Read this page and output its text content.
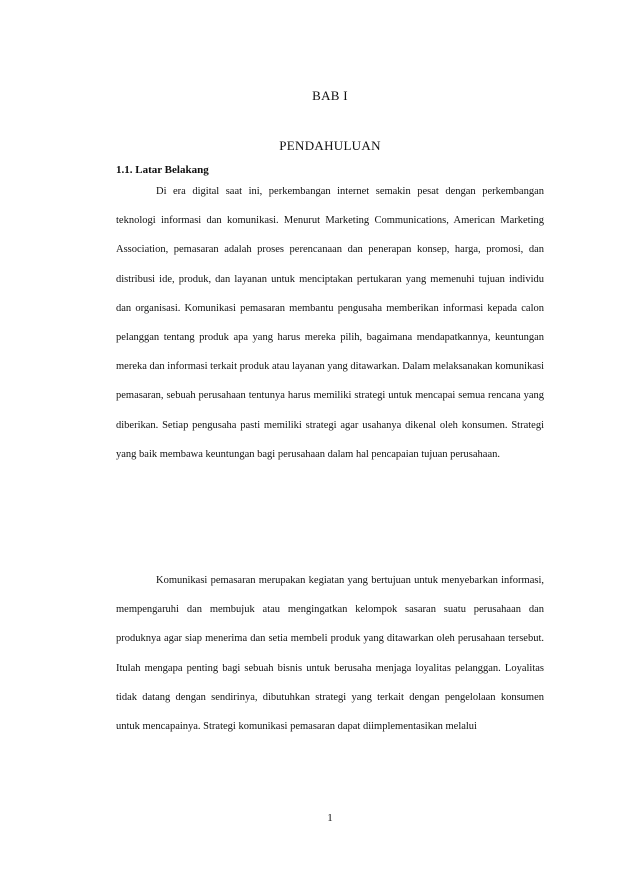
BAB I
PENDAHULUAN
1.1. Latar Belakang

Di era digital saat ini, perkembangan internet semakin pesat dengan perkembangan teknologi informasi dan komunikasi. Menurut Marketing Communications, American Marketing Association, pemasaran adalah proses perencanaan dan penerapan konsep, harga, promosi, dan distribusi ide, produk, dan layanan untuk menciptakan pertukaran yang memenuhi tujuan individu dan organisasi. Komunikasi pemasaran membantu pengusaha memberikan informasi kepada calon pelanggan tentang produk apa yang harus mereka pilih, bagaimana mendapatkannya, keuntungan mereka dan informasi terkait produk atau layanan yang ditawarkan. Dalam melaksanakan komunikasi pemasaran, sebuah perusahaan tentunya harus memiliki strategi untuk mencapai semua rencana yang diberikan. Setiap pengusaha pasti memiliki strategi agar usahanya dikenal oleh konsumen. Strategi yang baik membawa keuntungan bagi perusahaan dalam hal pencapaian tujuan perusahaan.

Komunikasi pemasaran merupakan kegiatan yang bertujuan untuk menyebarkan informasi, mempengaruhi dan membujuk atau mengingatkan kelompok sasaran suatu perusahaan dan produknya agar siap menerima dan setia membeli produk yang ditawarkan oleh perusahaan tersebut. Itulah mengapa penting bagi sebuah bisnis untuk berusaha menjaga loyalitas pelanggan. Loyalitas tidak datang dengan sendirinya, dibutuhkan strategi yang terkait dengan pengelolaan konsumen untuk mencapainya. Strategi komunikasi pemasaran dapat diimplementasikan melalui

1
